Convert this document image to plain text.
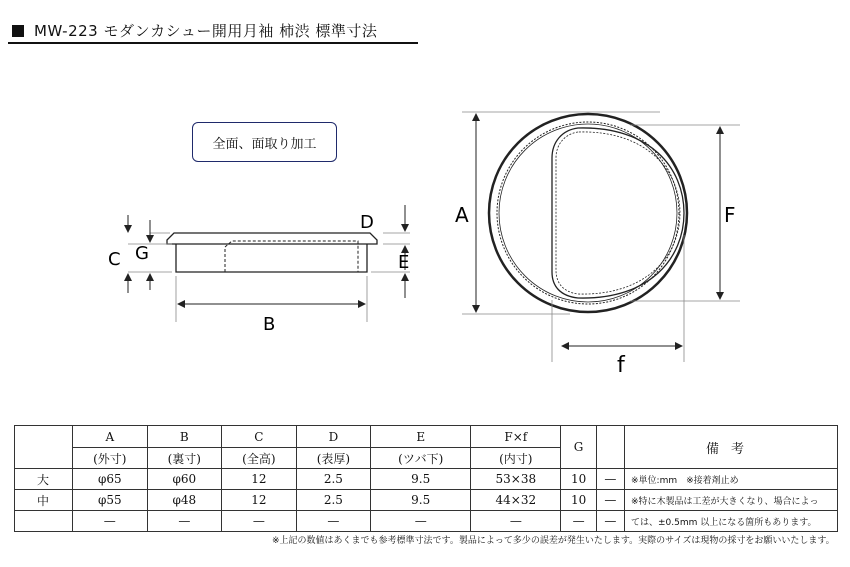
MW-223 モダンカシュー開用月袖 柿渋 標準寸法
全面、面取り加工
C G
D
E
B
A	F
f
	A	B	C	D	E	F×f	G		備考
	(外寸)	(裏寸)	(全高)	(表厚)	(ツバ下)	(内寸)			
大	φ65	φ60	12	2.5	9.5	53×38	10	—	※単位:mm　※接着剤止め
中	φ55	φ48	12	2.5	9.5	44×32	10	—	※特に木製品は工差が大きくなり、場合によっ
	—	—	—	—	—	—	—	—	ては、±0.5mm 以上になる箇所もあります。
※上記の数値はあくまでも参考標準寸法です。製品によって多少の誤差が発生いたします。実際のサイズは現物の採寸をお願いいたします。
